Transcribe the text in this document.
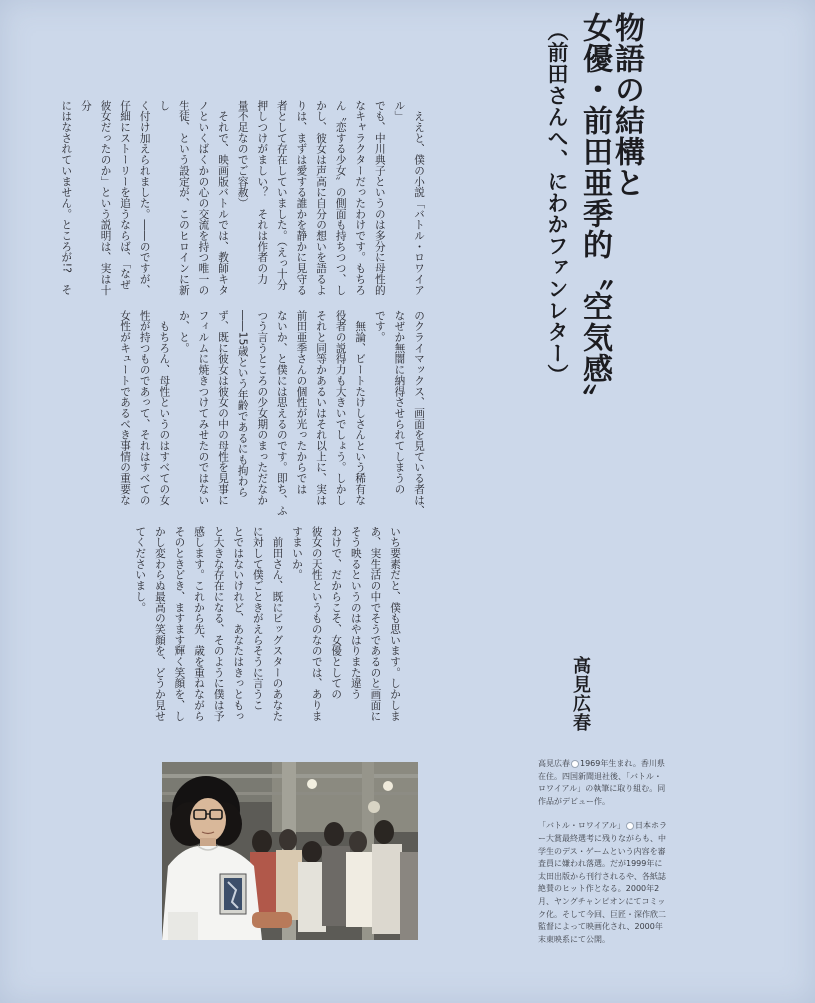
物語の結構と
女優・前田亜季的〝空気感〟
（前田さんへ、にわかファンレター）
　ええと、僕の小説「バトル・ロワイアル」
でも、中川典子というのは多分に母性的
なキャラクターだったわけです。もちろ
ん〝恋する少女〟の側面も持ちつつ、し
かし、彼女は声高に自分の想いを語るよ
りは、まずは愛する誰かを静かに見守る
者として存在していました。（えっ十分
押しつけがましい？　それは作者の力
量不足なのでご容赦）
　それで、映画版バトルでは、教師キタ
ノといくばくかの心の交流を持つ唯一の
生徒、という設定が、このヒロインに新し
く付け加えられました。――のですが、
仔細にストーリーを追うならば、「なぜ
彼女だったのか」という説明は、実は十分
にはなされていません。ところが!?　そ
のクライマックス、画面を見ている者は、
なぜか無闇に納得させられてしまうの
です。
　無論、ビートたけしさんという稀有な
役者の説得力も大きいでしょう。しかし
それと同等かあるいはそれ以上に、実は
前田亜季さんの個性が光ったからでは
ないか、と僕には思えるのです。即ち、ふ
つう言うところの少女期のまっただなか
――15歳という年齢であるにも拘わら
ず、既に彼女は彼女の中の母性を見事に
フィルムに焼きつけてみせたのではない
か、と。
　もちろん、母性というのはすべての女
性が持つものであって、それはすべての
女性がキュートであるべき事情の重要な
いち要素だと、僕も思います。しかしま
あ、実生活の中でそうであるのと画面に
そう映るというのはやはりまた違う
わけで、だからこそ、女優としての
彼女の天性というものなのでは、ありま
すまいか。
　前田さん、既にビッグスターのあなた
に対して僕ごときがえらそうに言うこ
とではないけれど、あなたはきっともっ
と大きな存在になる、そのように僕は予
感します。これから先、歳を重ねながら
そのときどき、ますます輝く笑顔を、し
かし変わらぬ最高の笑顔を、どうか見せ
てくださいまし。
高見広春

高見広春 1969年生まれ。香川県在住。四国新聞退社後、「バトル・ロワイアル」の執筆に取り組む。同作品がデビュー作。

「バトル・ロワイアル」 日本ホラー大賞最終選考に残りながらも、中学生のデス・ゲームという内容を審査員に嫌われ落選。だが1999年に太田出版から刊行されるや、各紙誌絶賛のヒット作となる。2000年2月、ヤングチャンピオンにてコミック化。そして今回、巨匠・深作欣二監督によって映画化され、2000年末東映系にて公開。
